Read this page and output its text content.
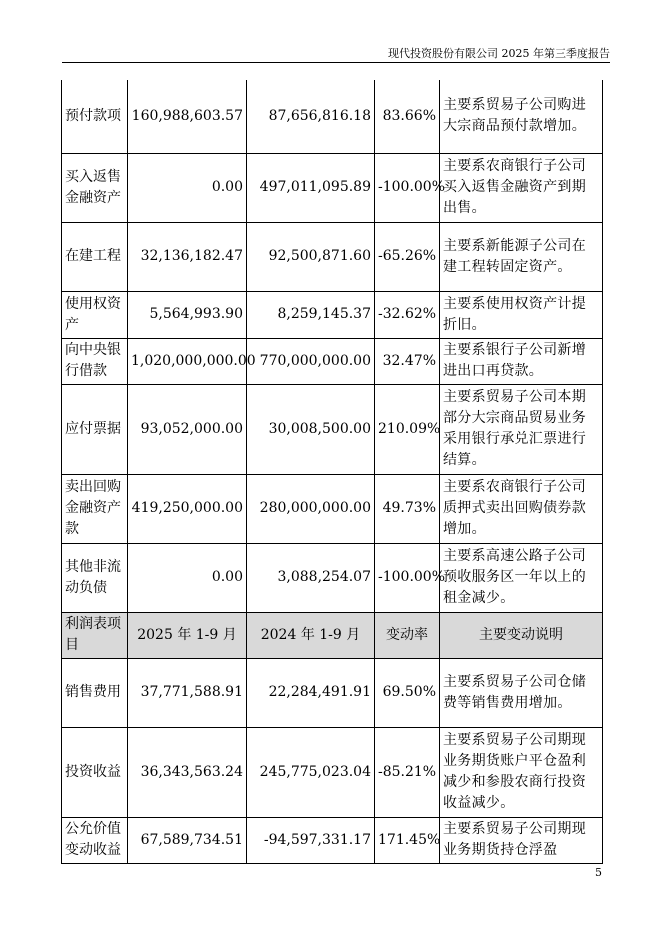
现代投资股份有限公司 2025 年第三季度报告
预付款项	160,988,603.57	87,656,816.18	83.66%	主要系贸易子公司购进大宗商品预付款增加。
买入返售金融资产	0.00	497,011,095.89	-100.00%	主要系农商银行子公司买入返售金融资产到期出售。
在建工程	32,136,182.47	92,500,871.60	-65.26%	主要系新能源子公司在建工程转固定资产。
使用权资产	5,564,993.90	8,259,145.37	-32.62%	主要系使用权资产计提折旧。
向中央银行借款	1,020,000,000.00	770,000,000.00	32.47%	主要系银行子公司新增进出口再贷款。
应付票据	93,052,000.00	30,008,500.00	210.09%	主要系贸易子公司本期部分大宗商品贸易业务采用银行承兑汇票进行结算。
卖出回购金融资产款	419,250,000.00	280,000,000.00	49.73%	主要系农商银行子公司质押式卖出回购债券款增加。
其他非流动负债	0.00	3,088,254.07	-100.00%	主要系高速公路子公司预收服务区一年以上的租金减少。
利润表项目	2025 年 1-9 月	2024 年 1-9 月	变动率	主要变动说明
销售费用	37,771,588.91	22,284,491.91	69.50%	主要系贸易子公司仓储费等销售费用增加。
投资收益	36,343,563.24	245,775,023.04	-85.21%	主要系贸易子公司期现业务期货账户平仓盈利减少和参股农商行投资收益减少。
公允价值变动收益	67,589,734.51	-94,597,331.17	171.45%	主要系贸易子公司期现业务期货持仓浮盈
5
